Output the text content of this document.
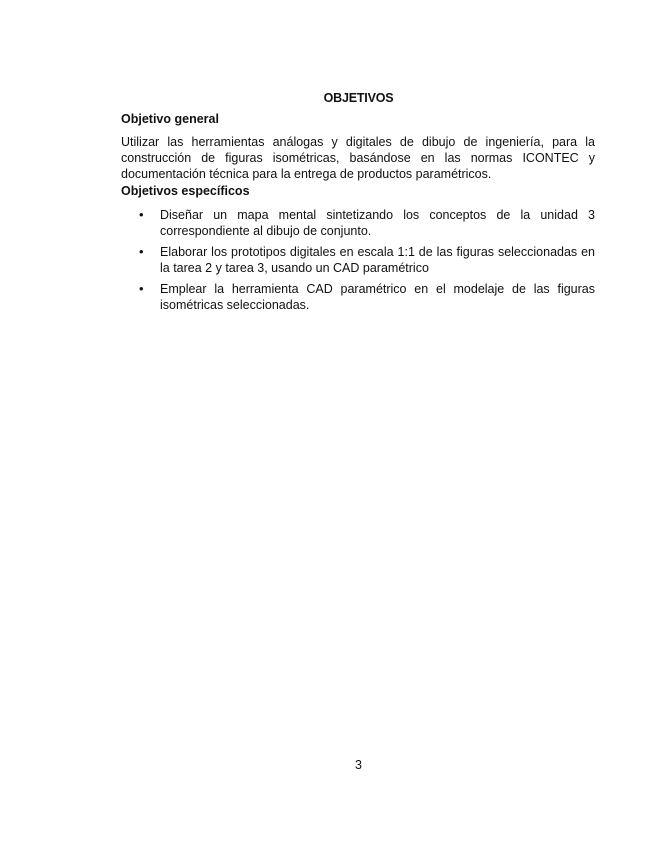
OBJETIVOS
Objetivo general
Utilizar las herramientas análogas y digitales de dibujo de ingeniería, para la construcción de figuras isométricas, basándose en las normas ICONTEC y documentación técnica para la entrega de productos paramétricos.
Objetivos específicos
• Diseñar un mapa mental sintetizando los conceptos de la unidad 3 correspondiente al dibujo de conjunto.
• Elaborar los prototipos digitales en escala 1:1 de las figuras seleccionadas en la tarea 2 y tarea 3, usando un CAD paramétrico
• Emplear la herramienta CAD paramétrico en el modelaje de las figuras isométricas seleccionadas.
3
